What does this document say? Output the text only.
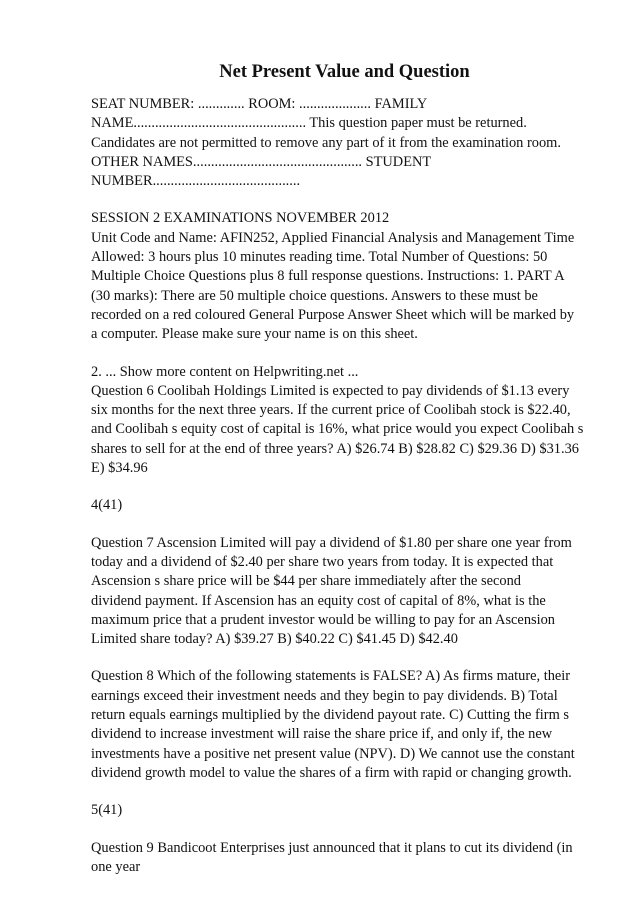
Net Present Value and Question

SEAT NUMBER: ............. ROOM: .................... FAMILY

NAME................................................ This question paper must be returned.

Candidates are not permitted to remove any part of it from the examination room.

OTHER NAMES............................................... STUDENT

NUMBER.........................................

SESSION 2 EXAMINATIONS NOVEMBER 2012

Unit Code and Name: AFIN252, Applied Financial Analysis and Management Time

Allowed: 3 hours plus 10 minutes reading time. Total Number of Questions: 50

Multiple Choice Questions plus 8 full response questions. Instructions: 1. PART A

(30 marks): There are 50 multiple choice questions. Answers to these must be

recorded on a red coloured General Purpose Answer Sheet which will be marked by

a computer. Please make sure your name is on this sheet.

2. ... Show more content on Helpwriting.net ...

Question 6 Coolibah Holdings Limited is expected to pay dividends of $1.13 every

six months for the next three years. If the current price of Coolibah stock is $22.40,

and Coolibah s equity cost of capital is 16%, what price would you expect Coolibah s

shares to sell for at the end of three years? A) $26.74 B) $28.82 C) $29.36 D) $31.36

E) $34.96

4(41)

Question 7 Ascension Limited will pay a dividend of $1.80 per share one year from

today and a dividend of $2.40 per share two years from today. It is expected that

Ascension s share price will be $44 per share immediately after the second

dividend payment. If Ascension has an equity cost of capital of 8%, what is the

maximum price that a prudent investor would be willing to pay for an Ascension

Limited share today? A) $39.27 B) $40.22 C) $41.45 D) $42.40

Question 8 Which of the following statements is FALSE? A) As firms mature, their

earnings exceed their investment needs and they begin to pay dividends. B) Total

return equals earnings multiplied by the dividend payout rate. C) Cutting the firm s

dividend to increase investment will raise the share price if, and only if, the new

investments have a positive net present value (NPV). D) We cannot use the constant

dividend growth model to value the shares of a firm with rapid or changing growth.

5(41)

Question 9 Bandicoot Enterprises just announced that it plans to cut its dividend (in

one year
